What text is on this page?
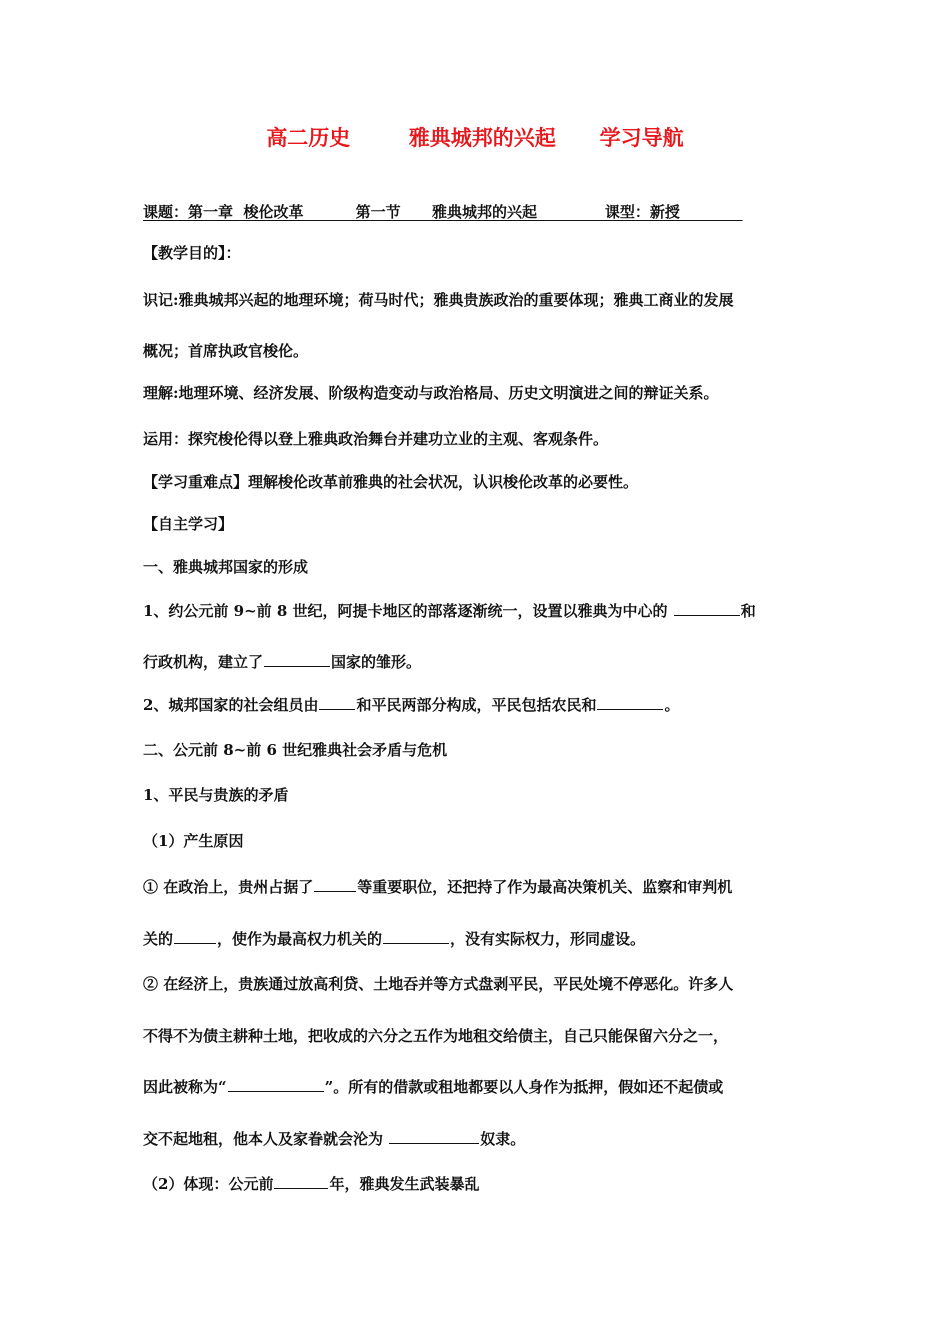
高二历史        雅典城邦的兴起      学习导航
课题：第一章  梭伦改革          第一节      雅典城邦的兴起             课型：新授
【教学目的】：
识记:雅典城邦兴起的地理环境；荷马时代；雅典贵族政治的重要体现；雅典工商业的发展
概况；首席执政官梭伦。
理解:地理环境、经济发展、阶级构造变动与政治格局、历史文明演进之间的辩证关系。
运用：探究梭伦得以登上雅典政治舞台并建功立业的主观、客观条件。
【学习重难点】理解梭伦改革前雅典的社会状况，认识梭伦改革的必要性。
【自主学习】
一、雅典城邦国家的形成
1、约公元前 9~前 8 世纪，阿提卡地区的部落逐渐统一，设置以雅典为中心的	和
行政机构，建立了	国家的雏形。
2、城邦国家的社会组员由	和平民两部分构成，平民包括农民和	。
二、公元前 8~前 6 世纪雅典社会矛盾与危机
1、平民与贵族的矛盾
（1）产生原因
① 在政治上，贵州占据了	等重要职位，还把持了作为最高决策机关、监察和审判机
关的	，使作为最高权力机关的	，没有实际权力，形同虚设。
② 在经济上，贵族通过放高利贷、土地吞并等方式盘剥平民，平民处境不停恶化。许多人
不得不为债主耕种土地，把收成的六分之五作为地租交给债主，自己只能保留六分之一，
因此被称为“	”。所有的借款或租地都要以人身作为抵押，假如还不起债或
交不起地租，他本人及家眷就会沦为	奴隶。
（2）体现：公元前	年，雅典发生武装暴乱
